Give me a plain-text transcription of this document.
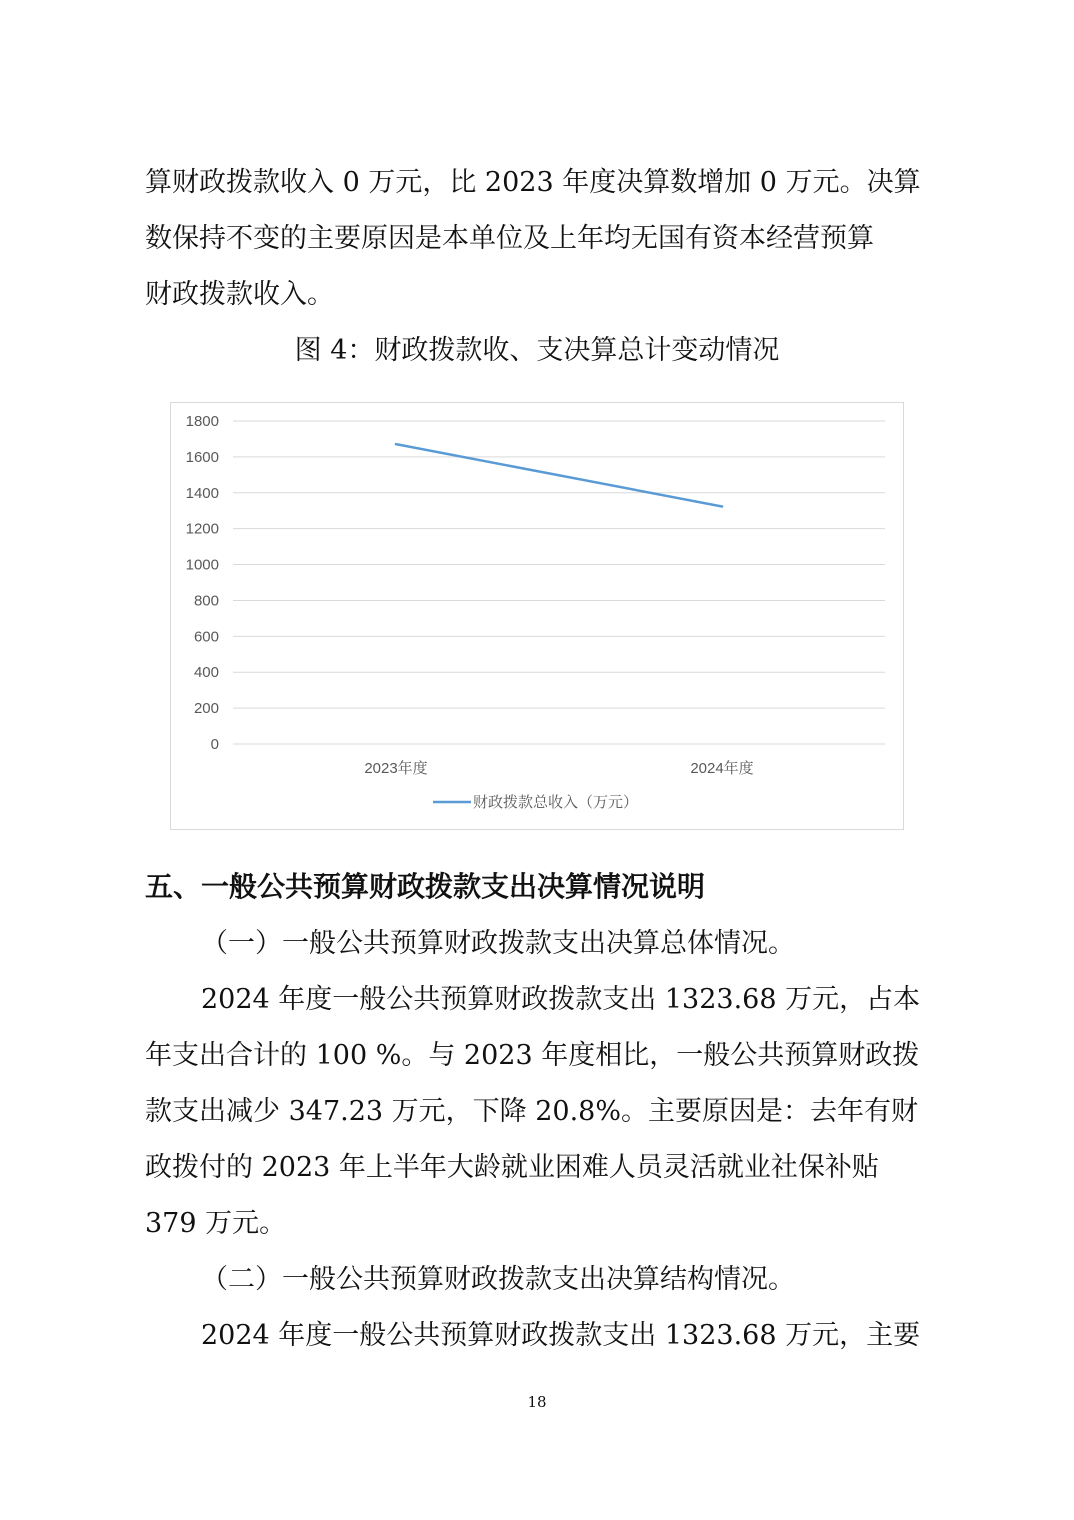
算财政拨款收入 0 万元，比 2023 年度决算数增加 0 万元。决算
数保持不变的主要原因是本单位及上年均无国有资本经营预算
财政拨款收入。

图 4：财政拨款收、支决算总计变动情况
0
200
400
600
800
1000
1200
1400
1600
1800
2023年度	2024年度
财政拨款总收入（万元）
五、一般公共预算财政拨款支出决算情况说明

（一）一般公共预算财政拨款支出决算总体情况。

2024 年度一般公共预算财政拨款支出 1323.68 万元，占本
年支出合计的 100 %。与 2023 年度相比，一般公共预算财政拨
款支出减少 347.23 万元，下降 20.8%。主要原因是：去年有财
政拨付的 2023 年上半年大龄就业困难人员灵活就业社保补贴
379 万元。

（二）一般公共预算财政拨款支出决算结构情况。

2024 年度一般公共预算财政拨款支出 1323.68 万元，主要

18
